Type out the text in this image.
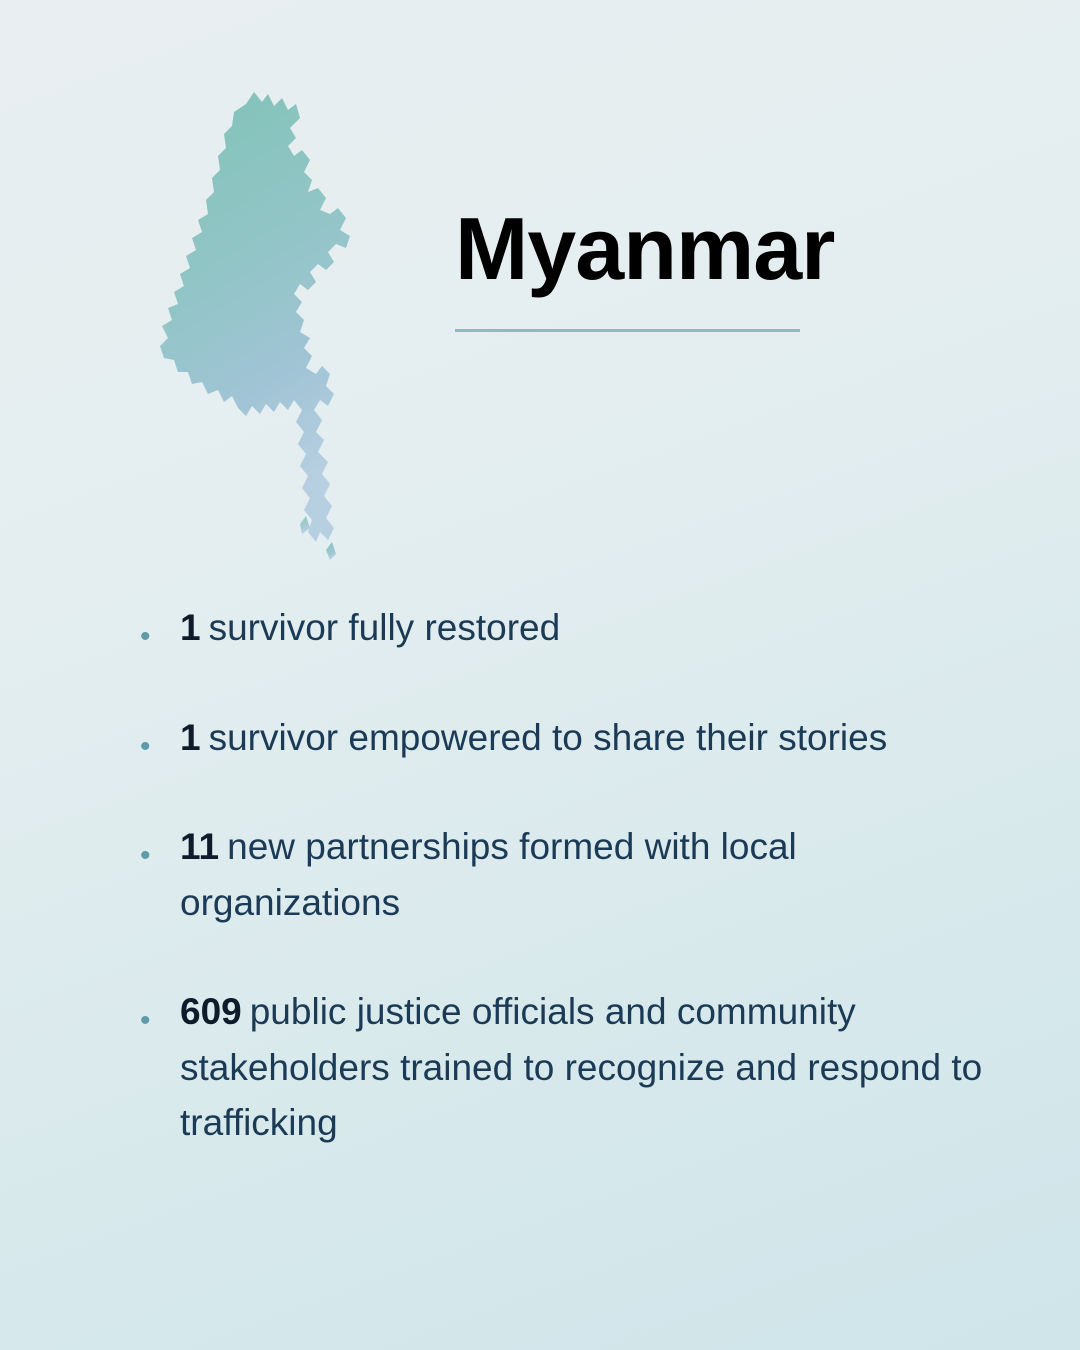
Myanmar
• 1 survivor fully restored
• 1 survivor empowered to share their stories
• 11 new partnerships formed with local organizations
• 609 public justice officials and community stakeholders trained to recognize and respond to trafficking
